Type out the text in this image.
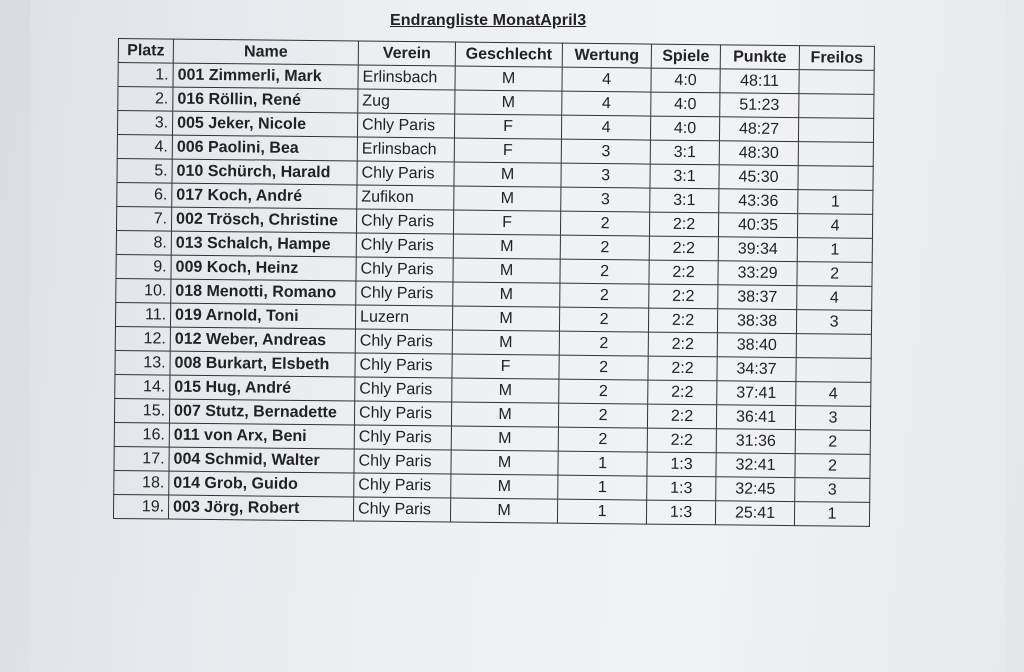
Endrangliste MonatApril3
Platz	Name	Verein	Geschlecht	Wertung	Spiele	Punkte	Freilos
1.	001 Zimmerli, Mark	Erlinsbach	M	4	4:0	48:11	
2.	016 Röllin, René	Zug	M	4	4:0	51:23	
3.	005 Jeker, Nicole	Chly Paris	F	4	4:0	48:27	
4.	006 Paolini, Bea	Erlinsbach	F	3	3:1	48:30	
5.	010 Schürch, Harald	Chly Paris	M	3	3:1	45:30	
6.	017 Koch, André	Zufikon	M	3	3:1	43:36	1
7.	002 Trösch, Christine	Chly Paris	F	2	2:2	40:35	4
8.	013 Schalch, Hampe	Chly Paris	M	2	2:2	39:34	1
9.	009 Koch, Heinz	Chly Paris	M	2	2:2	33:29	2
10.	018 Menotti, Romano	Chly Paris	M	2	2:2	38:37	4
11.	019 Arnold, Toni	Luzern	M	2	2:2	38:38	3
12.	012 Weber, Andreas	Chly Paris	M	2	2:2	38:40	
13.	008 Burkart, Elsbeth	Chly Paris	F	2	2:2	34:37	
14.	015 Hug, André	Chly Paris	M	2	2:2	37:41	4
15.	007 Stutz, Bernadette	Chly Paris	M	2	2:2	36:41	3
16.	011 von Arx, Beni	Chly Paris	M	2	2:2	31:36	2
17.	004 Schmid, Walter	Chly Paris	M	1	1:3	32:41	2
18.	014 Grob, Guido	Chly Paris	M	1	1:3	32:45	3
19.	003 Jörg, Robert	Chly Paris	M	1	1:3	25:41	1
